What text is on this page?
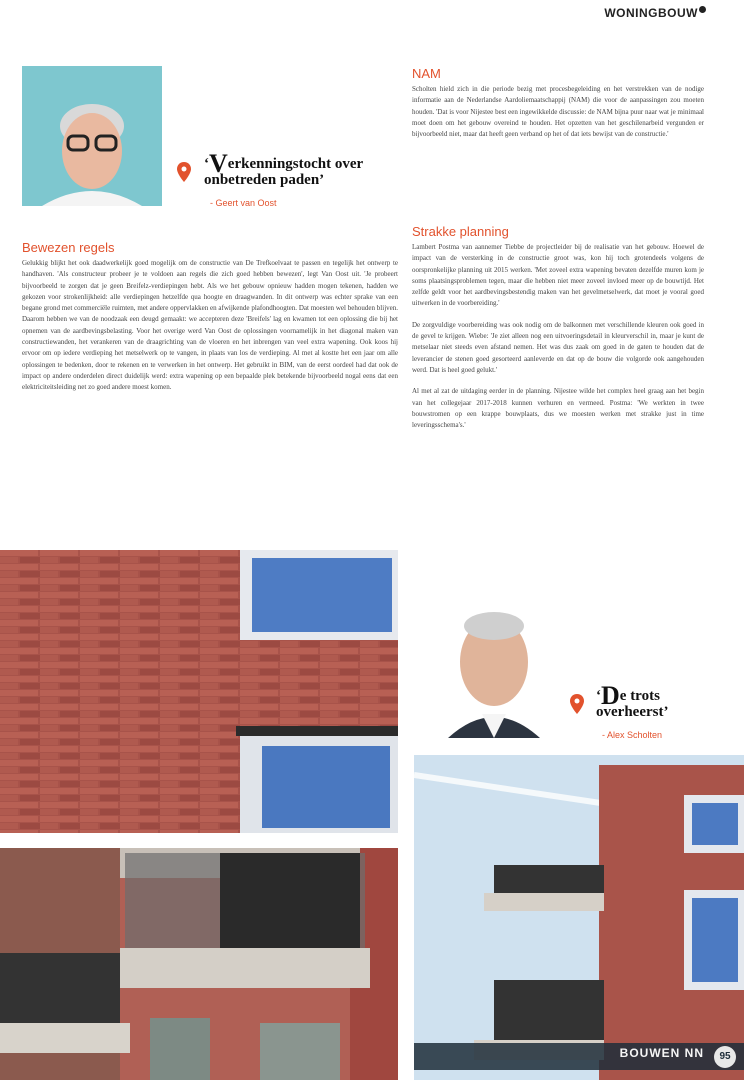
WONINGBOUW
‘Verkenningstocht over onbetreden paden’
- Geert van Oost
Bewezen regels

Gelukkig blijkt het ook daadwerkelijk goed mogelijk om de constructie van De Trefkoelvaat te passen en tegelijk het ontwerp te handhaven. 'Als constructeur probeer je te voldoen aan regels die zich goed hebben bewezen', legt Van Oost uit. 'Je probeert bijvoorbeeld te zorgen dat je geen Breifelz-verdiepingen hebt. Als we het gebouw opnieuw hadden mogen tekenen, hadden we gekozen voor strokenlijkheid: alle verdiepingen hetzelfde qua hoogte en draagwanden. In dit ontwerp was echter sprake van een begane grond met commerciële ruimten, met andere oppervlakken en afwijkende plafondhoogten. Dat moesten wel behouden blijven. Daarom hebben we van de noodzaak een deugd gemaakt: we accepteren deze 'Breifels' lag en kwamen tot een oplossing die bij het opnemen van de aardbevingsbelasting. Voor het overige werd Van Oost de oplossingen voornamelijk in het diagonal maken van constructiewanden, het verankeren van de draagrichting van de vloeren en het inbrengen van veel extra wapening. Ook koos hij ervoor om op iedere verdieping het metselwerk op te vangen, in plaats van los de verdieping. Al met al kostte het een jaar om alle oplossingen te bedenken, door te rekenen en te verwerken in het ontwerp. Het gebruikt in BIM, van de eerst oordeel had dat ook de impact op andere onderdelen direct duidelijk werd: extra wapening op een bepaalde plek betekende bijvoorbeeld nogal eens dat een elektriciteitsleiding net zo goed andere moest komen.

NAM

Scholten hield zich in die periode bezig met procesbegeleiding en het verstrekken van de nodige informatie aan de Nederlandse Aardoliemaatschappij (NAM) die voor de aanpassingen zou moeten houden. 'Dat is voor Nijestee best een ingewikkelde discussie: de NAM bijna puur naar wat je minimaal moet doen om het gebouw overeind te houden. Het opzetten van het geschilenarbeid vergunden er bijvoorbeeld niet, maar dat heeft geen verband op het of dat iets bewijst van de constructie.'

Strakke planning

Lambert Postma van aannemer Tiebbe de projectleider bij de realisatie van het gebouw. Hoewel de impact van de versterking in de constructie groot was, kon hij toch grotendeels volgens de oorspronkelijke planning uit 2015 werken. 'Met zoveel extra wapening bevaten dezelfde muren kom je soms plaatsingsproblemen tegen, maar die hebben niet meer zoveel invloed meer op de bouwtijd. Het zelfde geldt voor het aardbevingsbestendig maken van het gevelmetselwerk, dat moet je vooral goed uitwerken in de voorbereiding.'

De zorgvuldige voorbereiding was ook nodig om de balkonnen met verschillende kleuren ook goed in de gevel te krijgen. Wiebe: 'Je ziet alleen nog een uitvoeringsdetail in kleurverschil in, maar je kunt de metselaar niet steeds even afstand nemen. Het was dus zaak om goed in de gaten te houden dat de leverancier de stenen goed gesorteerd aanleverde en dat op de bouw die volgorde ook aangehouden werd. Dat is heel goed gelukt.'

Al met al zat de uitdaging eerder in de planning. Nijestee wilde het complex heel graag aan het begin van het collegejaar 2017-2018 kunnen verhuren en vermeed. Postma: 'We werkten in twee bouwstromen op een krappe bouwplaats, dus we moesten werken met strakke just in time leveringsschema's.'

‘De trots overheerst’
- Alex Scholten
BOUWEN NN	95
